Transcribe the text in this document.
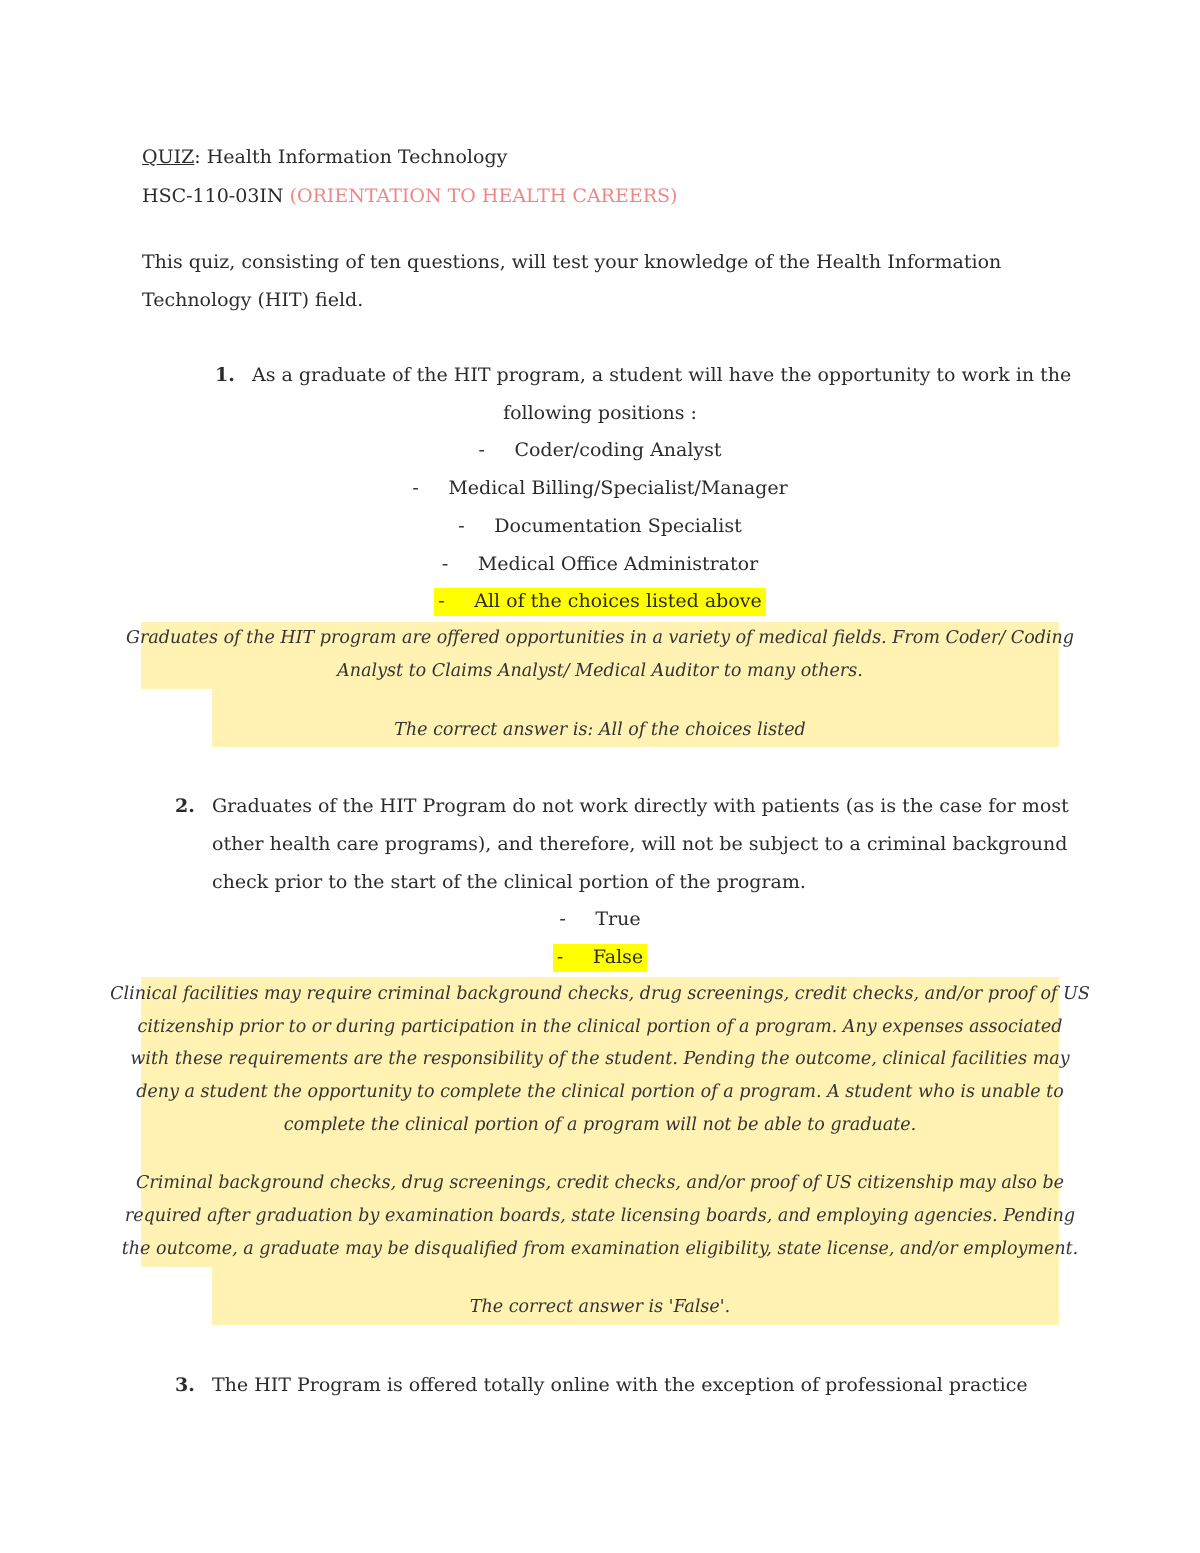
QUIZ: Health Information Technology
HSC-110-03IN (ORIENTATION TO HEALTH CAREERS)
This quiz, consisting of ten questions, will test your knowledge of the Health Information
Technology (HIT) field.
1. As a graduate of the HIT program, a student will have the opportunity to work in the
following positions :
- Coder/coding Analyst
- Medical Billing/Specialist/Manager
- Documentation Specialist
- Medical Office Administrator
- All of the choices listed above
Graduates of the HIT program are offered opportunities in a variety of medical fields. From Coder/ Coding
Analyst to Claims Analyst/ Medical Auditor to many others.
The correct answer is: All of the choices listed
2. Graduates of the HIT Program do not work directly with patients (as is the case for most
other health care programs), and therefore, will not be subject to a criminal background
check prior to the start of the clinical portion of the program.
- True
- False
Clinical facilities may require criminal background checks, drug screenings, credit checks, and/or proof of US
citizenship prior to or during participation in the clinical portion of a program. Any expenses associated
with these requirements are the responsibility of the student. Pending the outcome, clinical facilities may
deny a student the opportunity to complete the clinical portion of a program. A student who is unable to
complete the clinical portion of a program will not be able to graduate.
Criminal background checks, drug screenings, credit checks, and/or proof of US citizenship may also be
required after graduation by examination boards, state licensing boards, and employing agencies. Pending
the outcome, a graduate may be disqualified from examination eligibility, state license, and/or employment.
The correct answer is 'False'.
3. The HIT Program is offered totally online with the exception of professional practice
